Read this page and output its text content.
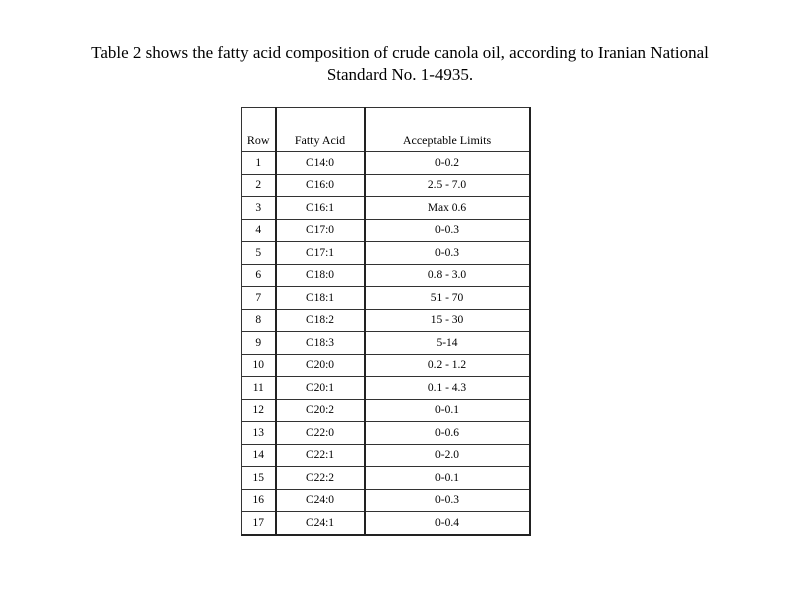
Table 2 shows the fatty acid composition of crude canola oil, according to Iranian National
Standard No. 1-4935.
Row	Fatty Acid	Acceptable Limits
1	C14:0	0-0.2
2	C16:0	2.5 - 7.0
3	C16:1	Max 0.6
4	C17:0	0-0.3
5	C17:1	0-0.3
6	C18:0	0.8 - 3.0
7	C18:1	51 - 70
8	C18:2	15 - 30
9	C18:3	5-14
10	C20:0	0.2 - 1.2
11	C20:1	0.1 - 4.3
12	C20:2	0-0.1
13	C22:0	0-0.6
14	C22:1	0-2.0
15	C22:2	0-0.1
16	C24:0	0-0.3
17	C24:1	0-0.4
